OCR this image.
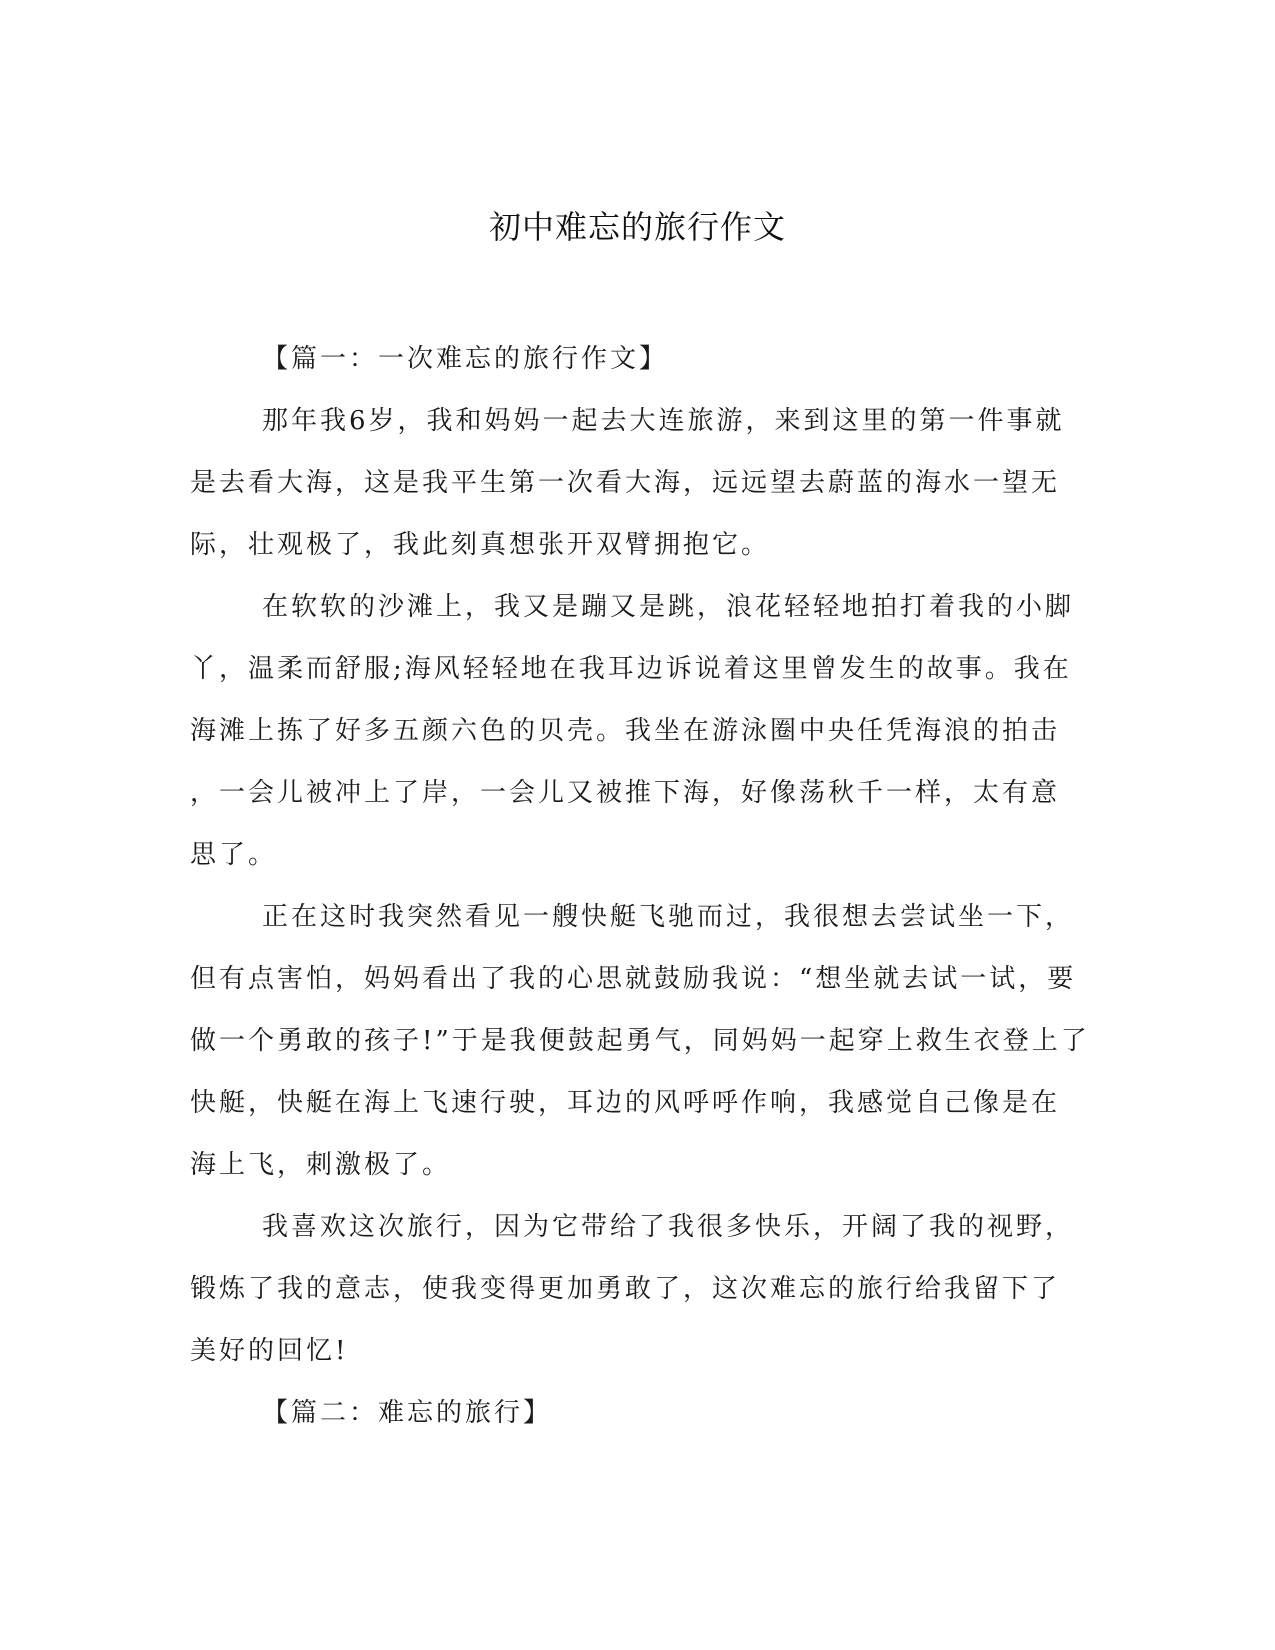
初中难忘的旅行作文
【篇一：一次难忘的旅行作文】
那年我6岁，我和妈妈一起去大连旅游，来到这里的第一件事就
是去看大海，这是我平生第一次看大海，远远望去蔚蓝的海水一望无
际，壮观极了，我此刻真想张开双臂拥抱它。
在软软的沙滩上，我又是蹦又是跳，浪花轻轻地拍打着我的小脚
丫，温柔而舒服;海风轻轻地在我耳边诉说着这里曾发生的故事。我在
海滩上拣了好多五颜六色的贝壳。我坐在游泳圈中央任凭海浪的拍击
，一会儿被冲上了岸，一会儿又被推下海，好像荡秋千一样，太有意
思了。
正在这时我突然看见一艘快艇飞驰而过，我很想去尝试坐一下，
但有点害怕，妈妈看出了我的心思就鼓励我说：“想坐就去试一试，要
做一个勇敢的孩子!”于是我便鼓起勇气，同妈妈一起穿上救生衣登上了
快艇，快艇在海上飞速行驶，耳边的风呼呼作响，我感觉自己像是在
海上飞，刺激极了。
我喜欢这次旅行，因为它带给了我很多快乐，开阔了我的视野，
锻炼了我的意志，使我变得更加勇敢了，这次难忘的旅行给我留下了
美好的回忆!
【篇二：难忘的旅行】
